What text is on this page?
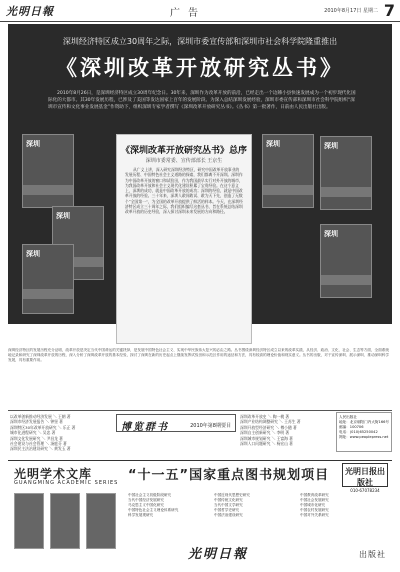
光明日報	广告	2010年8月17日 星期二 7
深圳经济特区成立30周年之际，深圳市委宣传部和深圳市社会科学院隆重推出
《深圳改革开放研究丛书》
2010年8月26日，是深圳经济特区成立30周年纪念日。30年来，深圳作为改革开放的前沿，已经走出一个边陲小县快速发展成为一个初步现代化国际化的大都市。其30年发展历程，已涉及了美国等发达国家上百年的发展阶段。为深入总结深圳发展经验，深圳市委宣传部和深圳市社会科学院组织“深圳市宣传和文化事业发展基金”作资助下，组织深圳专家学者撰写《深圳改革开放研究丛书》。《丛书》第一批著作，日前由人民出版社出版。
深圳
深圳
深圳
深圳	深圳
深圳
《深圳改革开放研究丛书》总序
深圳市委常委、宣传部部长 王京生
从广义上讲，深入研究深圳经济特区，研究中国改革开放事业的发展历程、中国特色社会主义道路的探索，我们都离不开深圳。深圳作为中国改革开放的窗口和试验田，作为我国最早实行对外开放的城市，为我国改革开放和社会主义现代化建设积累了宝贵经验。在这个意义上，深圳的成功，就是中国改革开放的成功；深圳的经验，就是中国改革开放的经验。三十年来，深圳人敢闯敢试、敢为天下先，创造了无数个“全国第一”，为全国的改革开放提供了鲜活的样本。今天，在深圳经济特区成立三十周年之际，我们组织编写这套丛书，旨在系统总结深圳改革开放的历史经验，深入探讨深圳未来发展的方向和路径。
深圳经济特区的发展历程充分证明，改革开放是决定当代中国命运的关键抉择，是发展中国特色社会主义、实现中华民族伟大复兴的必由之路。丛书围绕深圳经济特区成立以来的改革实践，从经济、政治、文化、社会、生态等方面，全面系统地记录和研究了深圳改革开放的历程，深入分析了深圳改革开放的基本经验，探讨了深圳在新的历史起点上继续发挥试验田和示范区作用的途径和方法，具有较高的理论价值和现实意义。丛书的出版，对于宣传深圳、展示深圳、推动深圳科学发展，具有重要作用。
以改革创新推动经济发展 ＼ 王朝 著
深圳市经济发展报告 ＼ 钟坚 著
深圳特区30年改革开放研究 ＼ 乐正 著
城市化进程研究 ＼ 吴忠 著
深圳文化发展研究 ＼ 尹昌龙 著
社会建设与社会管理 ＼ 汤庭芬 著
深圳民主法治建设研究 ＼ 黄发玉 著
博览群书	2010年第8期要目
深圳改革开放史 ＼ 陶一桃 著
深圳产业结构调整研究 ＼ 王苏生 著
深圳开放型经济研究 ＼ 傅小随 著
深圳自主创新研究 ＼ 李明 著
深圳城市规划研究 ＼ 王富海 著
深圳人口问题研究 ＼ 杨宏山 著
人民出版社
地址：北京朝阳门内大街166号
邮编：100706
电话：(010)65250042
网址：www.peoplepress.net
光明学术文库
GUANGMING ACADEMIC SERIES “十一五”国家重点图书规划项目 光明日报出版社
010-67078234
中国社会主义初级阶段研究
当代中国经济发展研究
马克思主义中国化研究
中国特色社会主义理论体系研究
科学发展观研究
中国近现代思想史研究
中国传统文化研究
当代中国文学研究
中国哲学史研究
中国法治建设研究
中国教育改革研究
中国社会发展研究
中国城市化研究
中国农村发展研究
中国对外关系研究
光明日報	出版社
